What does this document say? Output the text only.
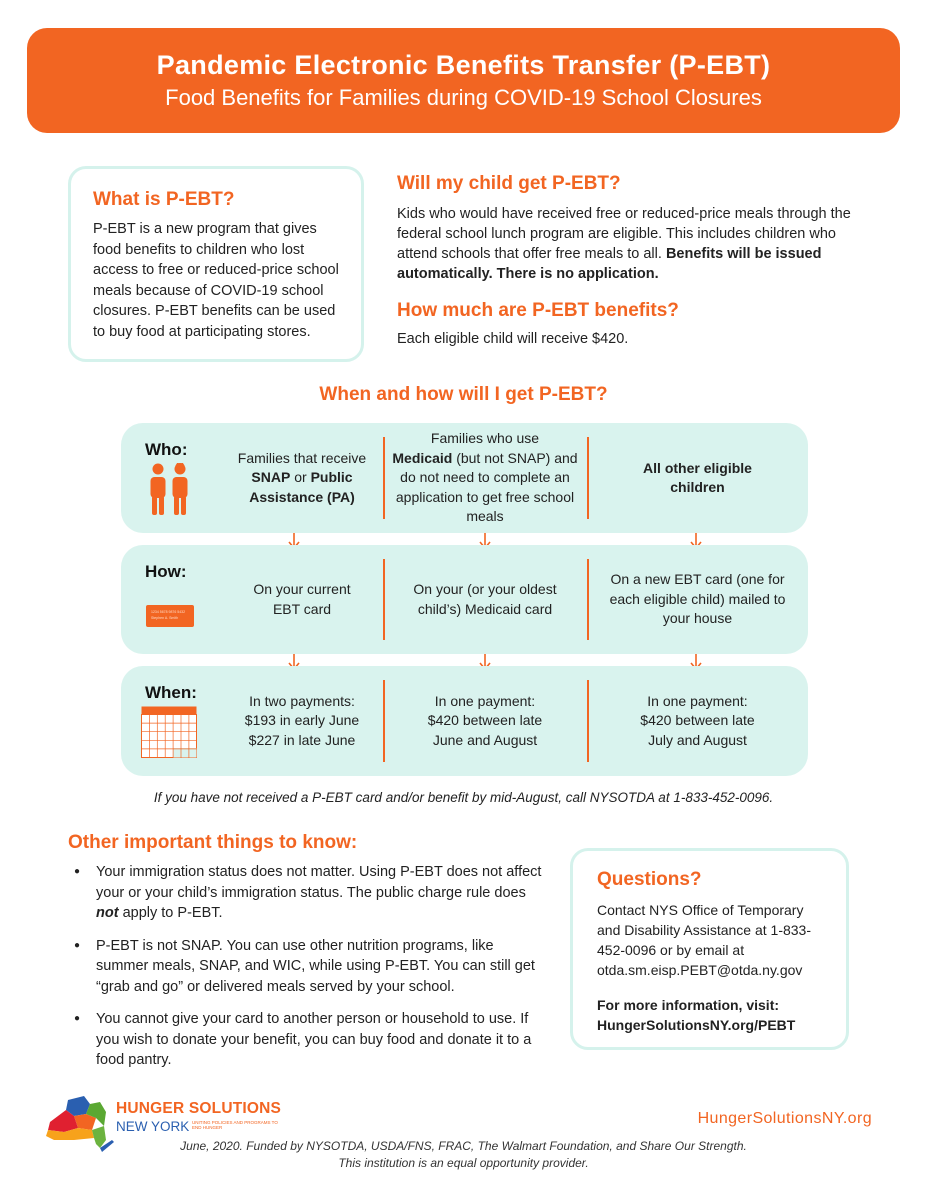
Pandemic Electronic Benefits Transfer (P-EBT)
Food Benefits for Families during COVID-19 School Closures
What is P-EBT?

P-EBT is a new program that gives food benefits to children who lost access to free or reduced-price school meals because of COVID-19 school closures. P-EBT benefits can be used to buy food at participating stores.

Will my child get P-EBT?

Kids who would have received free or reduced-price meals through the federal school lunch program are eligible. This includes children who attend schools that offer free meals to all. Benefits will be issued automatically. There is no application.

How much are P-EBT benefits?

Each eligible child will receive $420.

When and how will I get P-EBT?
Who:	Families that receive
SNAP or Public Assistance (PA)
Families who use
Medicaid (but not SNAP) and do not need to complete an application to get free school meals
All other eligible children
How:
1234 5678 9876 5432
Stephen A. Smith
On your current EBT card
On your (or your oldest child’s) Medicaid card
On a new EBT card (one for each eligible child) mailed to your house
When:	In two payments:
$193 in early June
$227 in late June
In one payment:
$420 between late
June and August
In one payment:
$420 between late
July and August
If you have not received a P-EBT card and/or benefit by mid-August, call NYSOTDA at 1-833-452-0096.
Other important things to know:
● Your immigration status does not matter. Using P-EBT does not affect your or your child’s immigration status. The public charge rule does not apply to P-EBT.
● P-EBT is not SNAP. You can use other nutrition programs, like summer meals, SNAP, and WIC, while using P-EBT. You can still get “grab and go” or delivered meals served by your school.
● You cannot give your card to another person or household to use. If you wish to donate your benefit, you can buy food and donate it to a food pantry.
Questions?

Contact NYS Office of Temporary and Disability Assistance at 1-833-452-0096 or by email at otda.sm.eisp.PEBT@otda.ny.gov

For more information, visit:
HungerSolutionsNY.org/PEBT

HUNGER SOLUTIONS
NEW YORK UNITING POLICIES AND PROGRAMS TO END HUNGER
HungerSolutionsNY.org
June, 2020. Funded by NYSOTDA, USDA/FNS, FRAC, The Walmart Foundation, and Share Our Strength.
This institution is an equal opportunity provider.
